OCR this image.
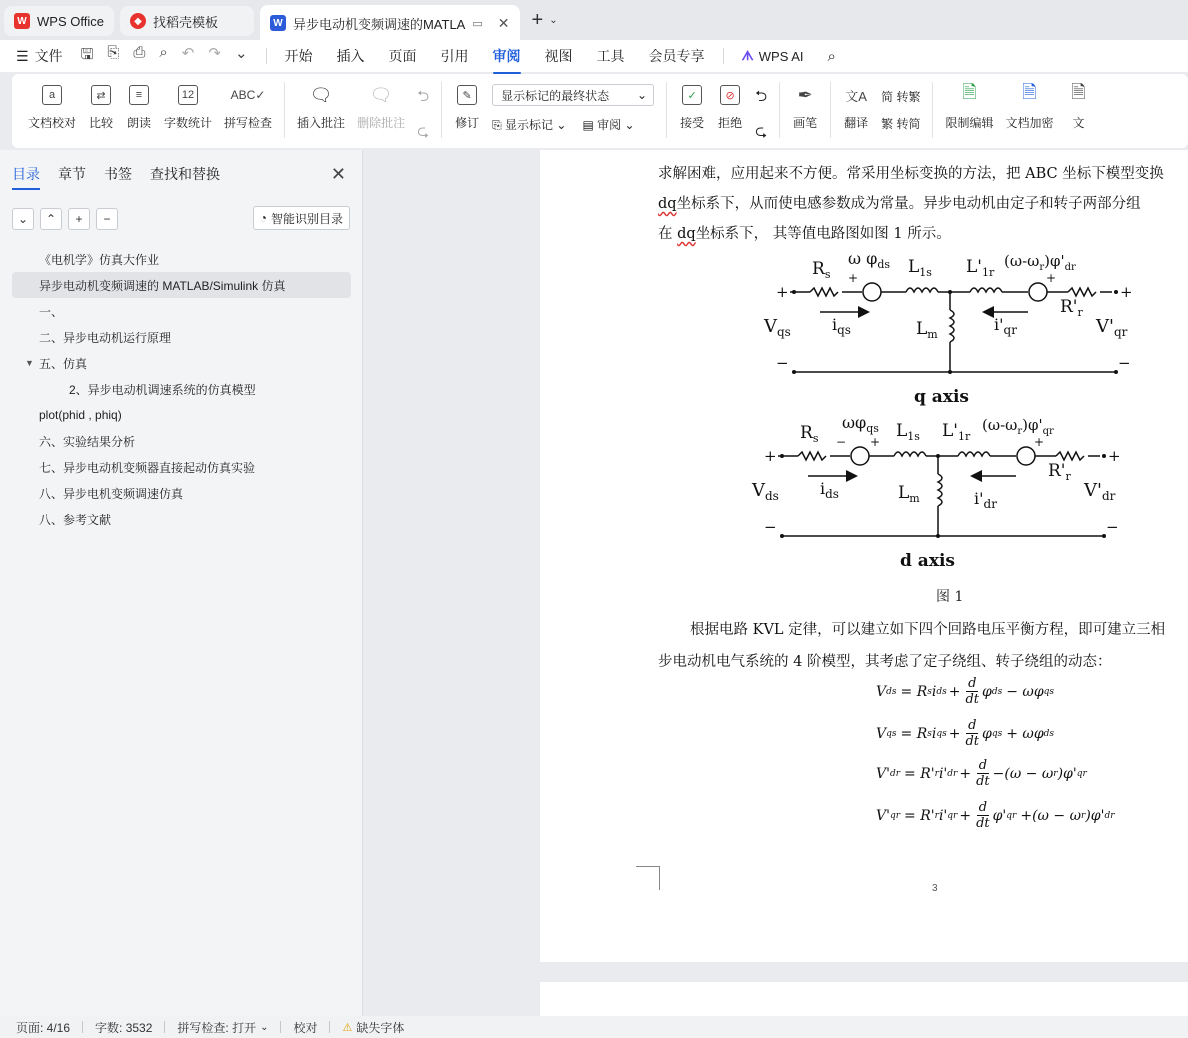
W WPS Office	◆ 找稻壳模板	W 异步电动机变频调速的MATLA ▭ ✕ + ⌄
☰ 文件 🖫 ⎘ ⎙ ⌕ ↶ ↷ ⌄	开始	插入	页面	引用	审阅	视图	工具	会员专享	ᗑ WPS AI	⌕
a
文档校对
⇄
比较
≡
朗读
12
字数统计
ABC✓
拼写检查
🗨
插入批注
🗨
删除批注
⮌
⮎
✎
修订
显示标记的最终状态 ⌄
⎘ 显示标记 ⌄ ▤ 审阅 ⌄
✓
接受
⊘
拒绝
⮌
⮎
✒
画笔
文A
翻译
简 转繁
繁 转简
🗎
限制编辑
🗎
文档加密
🗎
文
目录 章节 书签 查找和替换	✕
⌄	⌃	+	−	◔ 智能识别目录
《电机学》仿真大作业
异步电动机变频调速的 MATLAB/Simulink 仿真
一、
二、异步电动机运行原理
▼ 五、仿真
2、异步电动机调速系统的仿真模型
plot(phid , phiq)
六、实验结果分析
七、异步电动机变频器直接起动仿真实验
八、异步电机变频调速仿真
八、参考文献
求解困难，应用起来不方便。常采用坐标变换的方法，把 ABC 坐标下模型变换
dq坐标系下，从而使电感参数成为常量。异步电动机由定子和转子两部分组
在 dq坐标系下， 其等值电路图如图 1 所示。
+	+
−	−
+	+
$R_s$
ω $\varphi_{ds}$ $L_{1s}$ $L'_{1r}$
$(\omega-\omega_r)\varphi'_{dr}$
$R'_r$
$V_{qs}$	$V'_{qr}$
$i_{qs}$	$i'_{qr}$
$L_m$
q axis
+	+
−	−
− +	+
$R_s$
$\omega\varphi_{qs}$ $L_{1s}$ $L'_{1r}$
$(\omega-\omega_r)\varphi'_{qr}$
$R'_r$
$V_{ds}$	$V'_{dr}$
$i_{ds}$	$i'_{dr}$
$L_m$
d axis
图 1
根据电路 KVL 定律，可以建立如下四个回路电压平衡方程，即可建立三相
步电动机电气系统的 4 阶模型，其考虑了定子绕组、转子绕组的动态：
V ds = R s i ds + $\frac{d}{dt}$ φ ds − ωφ qs
V qs = R s i qs + $\frac{d}{dt}$ φ qs + ωφ ds
V' dr = R' r i' dr + $\frac{d}{dt} -(\omega - \omega$ r )φ' qr
V' qr = R' r i' qr + $\frac{d}{dt} \varphi'$ qr +(ω − ω r )φ' dr
3
页面: 4/16 字数: 3532 拼写检查: 打开 ⌄ 校对 ⚠ 缺失字体
